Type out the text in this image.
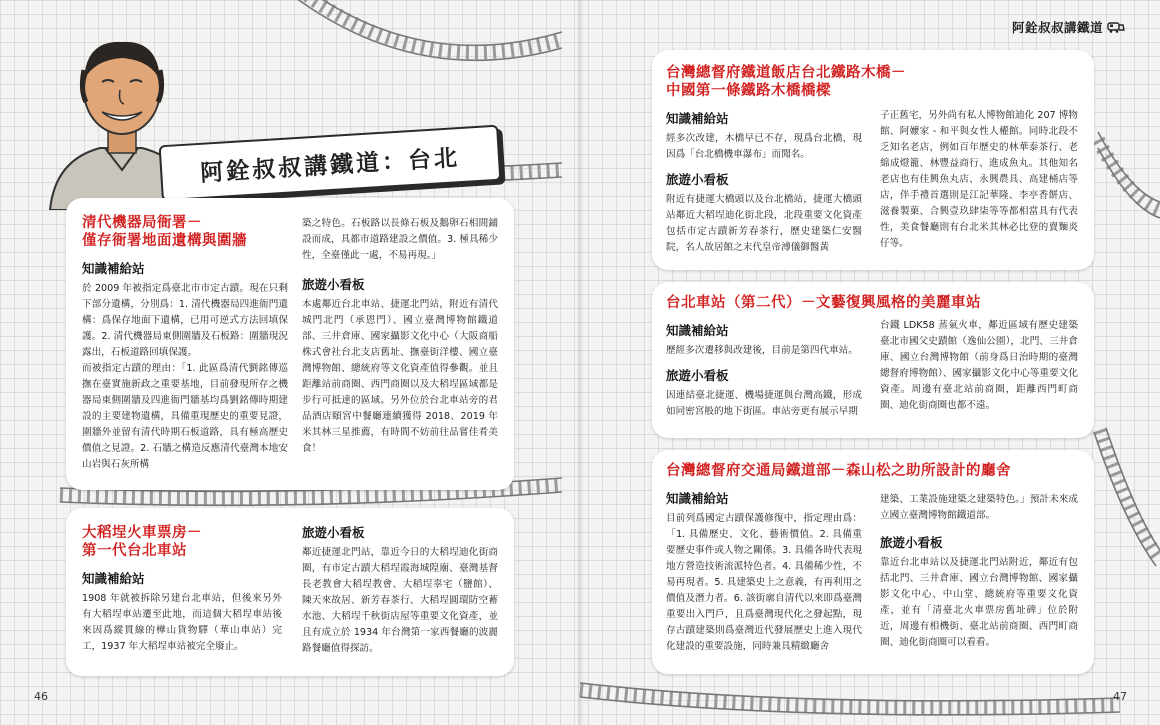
阿銓叔叔講鐵道
阿銓叔叔講鐵道：台北
清代機器局衙署－
僅存衙署地面遺構與圍牆
知識補給站

於 2009 年被指定爲臺北市市定古蹟。現在只剩下部分遺構，分別爲：1. 清代機器局四進衙門遺構：爲保存地面下遺構，已用可逆式方法回填保護。2. 清代機器局東側圍牆及石板路：圍牆現況露出，石板道路回填保護。

而被指定古蹟的理由：「1. 此區爲清代劉銘傳巡撫在臺實施新政之重要基地，目前發現所存之機器局東側圍牆及四進衙門牆基均爲劉銘傳時期建設的主要建物遺構，具備重現歷史的重要見證，圍牆外並留有清代時期石板道路，具有極高歷史價值之見證。2. 石牆之構造反應清代臺灣本地安山岩與石灰所構

築之特色。石板路以長條石板及鵝卵石相間鋪設而成，具都市道路建設之價值。3. 極具稀少性，全臺僅此一處，不易再現。」

旅遊小看板

本處鄰近台北車站、捷運北門站，附近有清代城門北門（承恩門）、國立臺灣博物館鐵道部、三井倉庫、國家攝影文化中心（大阪商船株式會社台北支店舊址、撫臺街洋樓、國立臺灣博物館、總統府等文化資產值得參觀。並且距離站前商圈、西門商圈以及大稻埕區域都是步行可抵達的區域。另外位於台北車站旁的君品酒店頤宮中餐廳連續獲得 2018、2019 年米其林三星推薦，有時間不妨前往品嘗佳肴美食！

大稻埕火車票房－
第一代台北車站
知識補給站

1908 年就被拆除另建台北車站，但後來另外有大稻埕車站遷至此地，而這個大稻埕車站後來因爲縱貫線的樺山貨物驛（華山車站）完工，1937 年大稻埕車站被完全廢止。

旅遊小看板

鄰近捷運北門站，靠近今日的大稻埕迪化街商圈，有市定古蹟大稻埕霞海城隍廟、臺灣基督長老教會大稻埕教會、大稻埕辜宅（鹽館）、陳天來故居、新芳春茶行、大稻埕圓環防空蓄水池、大稻埕千秋街店屋等重要文化資產，並且有成立於 1934 年台灣第一家西餐廳的波麗路餐廳值得探訪。

台灣總督府鐵道飯店台北鐵路木橋－
中國第一條鐵路木橋橋樑
知識補給站

經多次改建，木橋早已不存，現爲台北橋，現因爲「台北橋機車瀑布」而聞名。

旅遊小看板

附近有捷運大橋頭以及台北橋站，捷運大橋頭站鄰近大稻埕迪化街北段，北段重要文化資產包括市定古蹟新芳春茶行，歷史建築仁安醫院，名人故居館之末代皇帝溥儀御醫黃

子正舊宅，另外尚有私人博物館迪化 207 博物館、阿嬤家 - 和平與女性人權館。同時北段不乏知名老店，例如百年歷史的林華泰茶行、老綿成燈籠、林豐益商行、進成魚丸。其他知名老店也有佳興魚丸店、永興農具、高建桶店等店，伴手禮首選則是江記華隆、李亭香餅店、滋養製菓、合興壹玖肆柒等等都相當具有代表性，美食餐廳則有台北米其林必比登的賣麵炎仔等。

台北車站（第二代）－文藝復興風格的美麗車站
知識補給站

歷經多次遷移與改建後，目前是第四代車站。

旅遊小看板

因連結臺北捷運、機場捷運與台灣高鐵，形成如同密宮般的地下街區。車站旁更有展示早期

台鐵 LDK58 蒸氣火車，鄰近區域有歷史建築臺北市國父史蹟館（逸仙公園），北門、三井倉庫、國立台灣博物館（前身爲日治時期的臺灣總督府博物館）、國家攝影文化中心等重要文化資產。周邊有臺北站前商圈，距離西門町商圈、迪化街商圈也都不遠。

台灣總督府交通局鐵道部－森山松之助所設計的廳舍
知識補給站

目前列爲國定古蹟保護修復中，指定理由爲：「1. 具備歷史、文化、藝術價值。2. 具備重要歷史事件或人物之關係。3. 具備各時代表現地方營造技術流派特色者。4. 具備稀少性，不易再現者。5. 具建築史上之意義，有再利用之價值及潛力者。6. 該街廓自清代以來即爲臺灣重要出入門戶，且爲臺灣現代化之發起點，現存古蹟建築則爲臺灣近代發展歷史上進入現代化建設的重要設施，同時兼具精緻廳舍

建築、工業設施建築之建築特色。」預計未來成立國立臺灣博物館鐵道部。

旅遊小看板

靠近台北車站以及捷運北門站附近，鄰近有包括北門、三井倉庫、國立台灣博物館、國家攝影文化中心、中山堂、總統府等重要文化資產，並有「清臺北火車票房舊址碑」位於附近，周邊有相機街、臺北站前商圈、西門町商圈、迪化街商圈可以看看。

46	47
